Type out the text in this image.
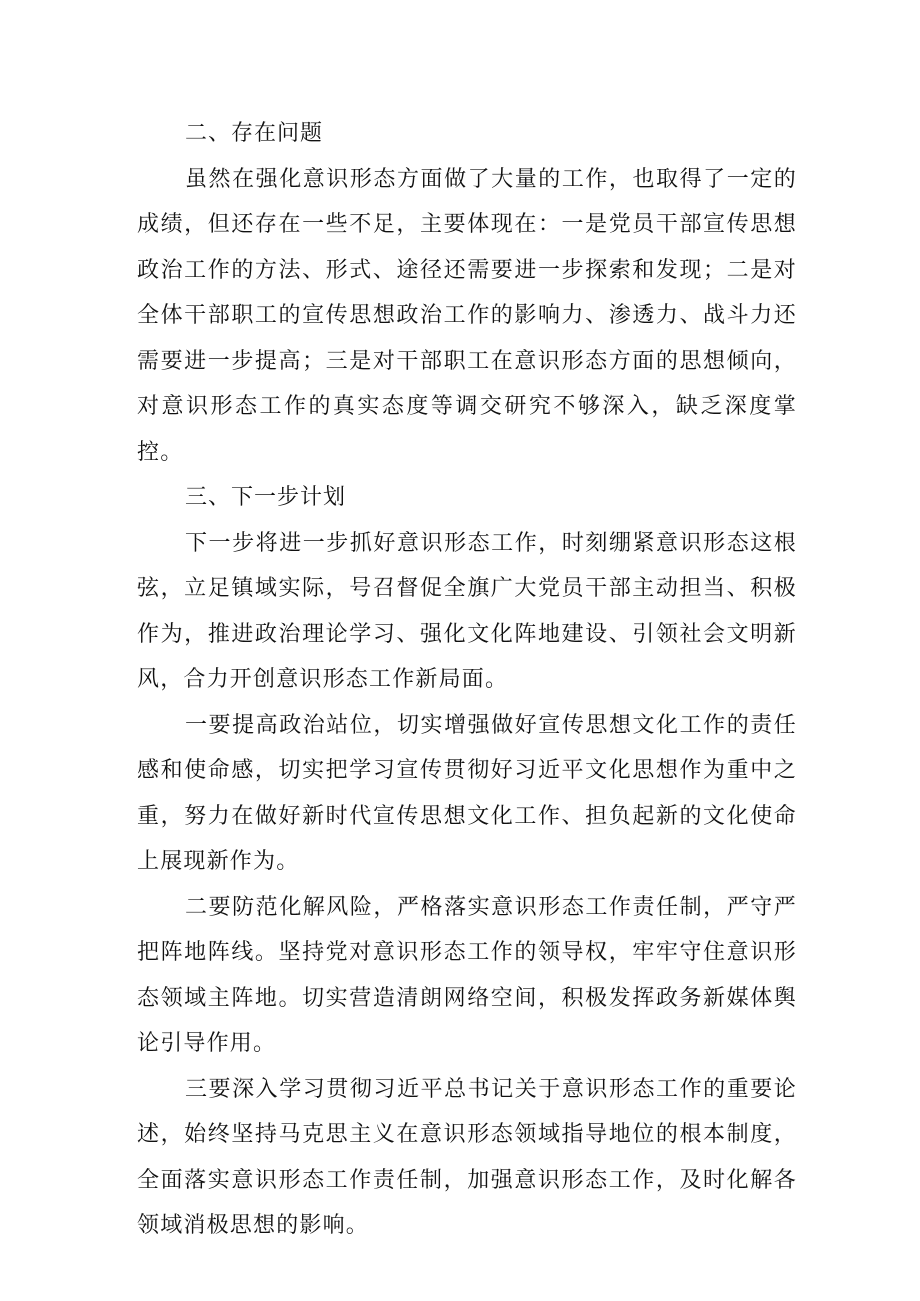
二、存在问题

虽然在强化意识形态方面做了大量的工作，也取得了一定的成绩，但还存在一些不足，主要体现在：一是党员干部宣传思想政治工作的方法、形式、途径还需要进一步探索和发现；二是对全体干部职工的宣传思想政治工作的影响力、渗透力、战斗力还需要进一步提高；三是对干部职工在意识形态方面的思想倾向，对意识形态工作的真实态度等调交研究不够深入，缺乏深度掌控。

三、下一步计划

下一步将进一步抓好意识形态工作，时刻绷紧意识形态这根弦，立足镇域实际，号召督促全旗广大党员干部主动担当、积极作为，推进政治理论学习、强化文化阵地建设、引领社会文明新风，合力开创意识形态工作新局面。

一要提高政治站位，切实增强做好宣传思想文化工作的责任感和使命感，切实把学习宣传贯彻好习近平文化思想作为重中之重，努力在做好新时代宣传思想文化工作、担负起新的文化使命上展现新作为。

二要防范化解风险，严格落实意识形态工作责任制，严守严把阵地阵线。坚持党对意识形态工作的领导权，牢牢守住意识形态领域主阵地。切实营造清朗网络空间，积极发挥政务新媒体舆论引导作用。

三要深入学习贯彻习近平总书记关于意识形态工作的重要论述，始终坚持马克思主义在意识形态领域指导地位的根本制度，全面落实意识形态工作责任制，加强意识形态工作，及时化解各领域消极思想的影响。
